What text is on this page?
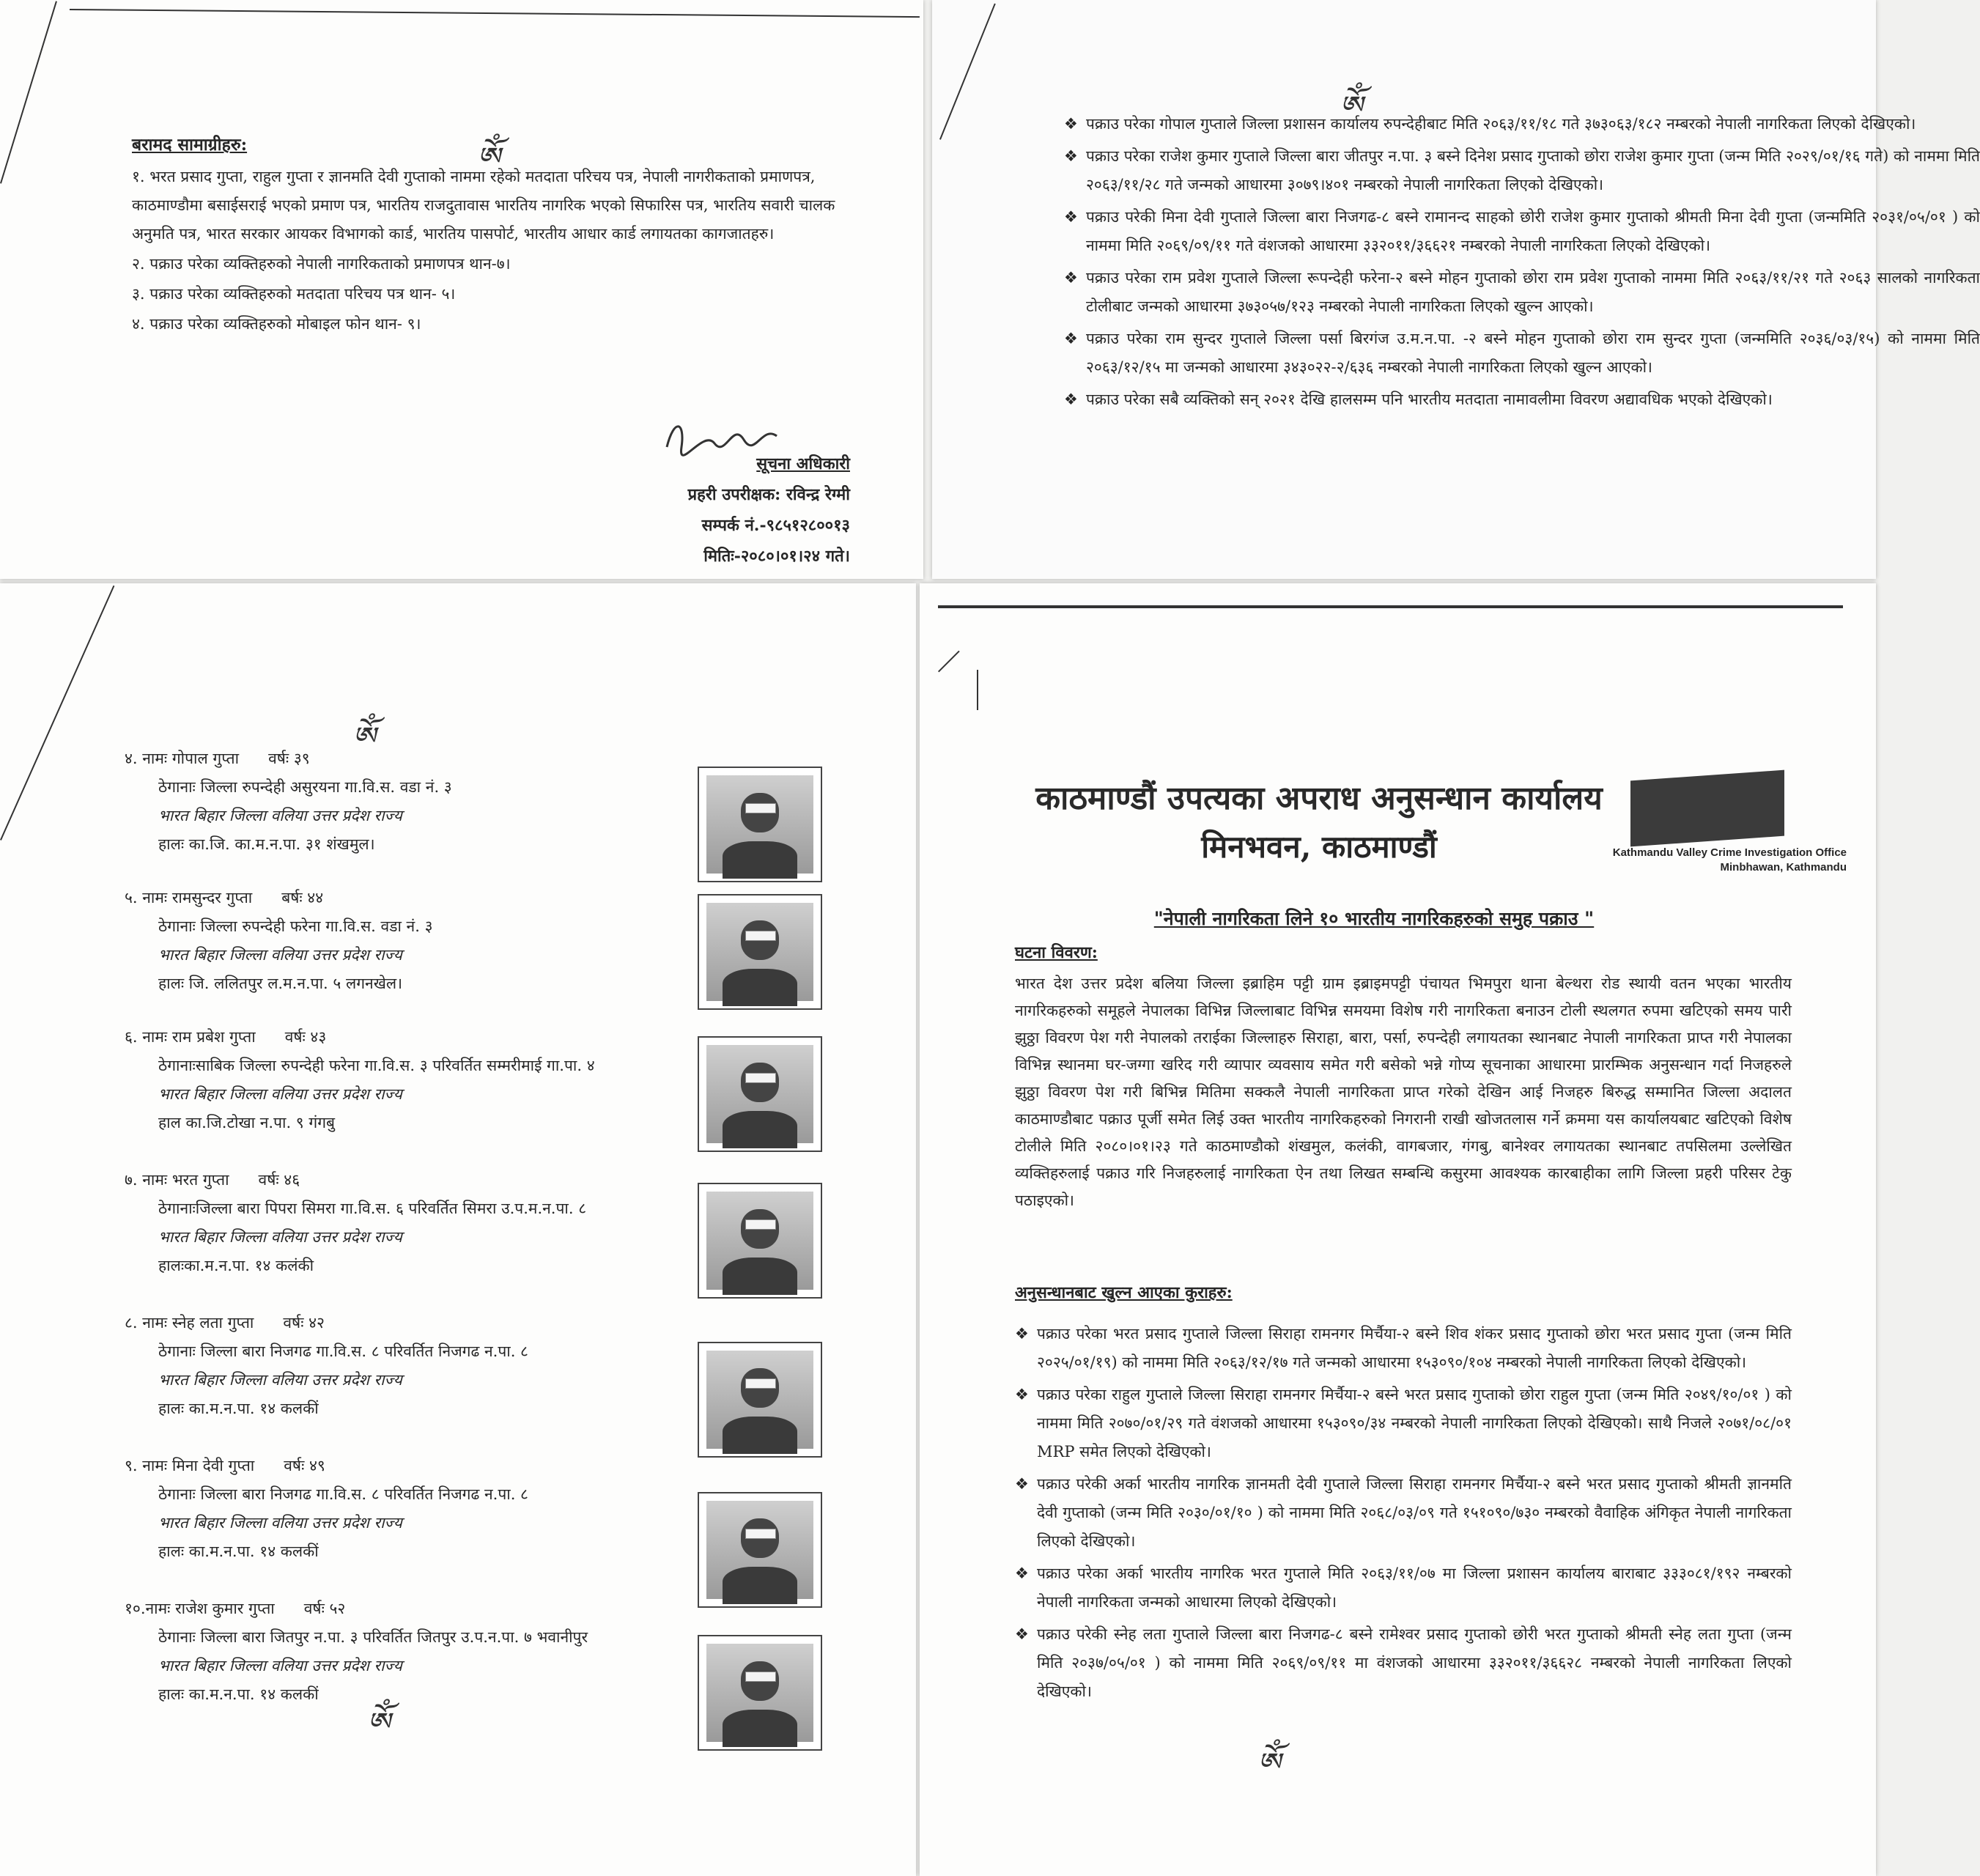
बरामद सामाग्रीहरु:	ༀ

१. भरत प्रसाद गुप्ता, राहुल गुप्ता र ज्ञानमति देवी गुप्ताको नाममा रहेको मतदाता परिचय पत्र, नेपाली नागरीकताको प्रमाणपत्र, काठमाण्डौमा बसाईसराई भएको प्रमाण पत्र, भारतिय राजदुतावास भारतिय नागरिक भएको सिफारिस पत्र, भारतिय सवारी चालक अनुमति पत्र, भारत सरकार आयकर विभागको कार्ड, भारतिय पासपोर्ट, भारतीय आधार कार्ड लगायतका कागजातहरु।

२. पक्राउ परेका व्यक्तिहरुको नेपाली नागरिकताको प्रमाणपत्र थान-७।

३. पक्राउ परेका व्यक्तिहरुको मतदाता परिचय पत्र थान- ५।

४. पक्राउ परेका व्यक्तिहरुको मोबाइल फोन थान- ९।

सूचना अधिकारी
प्रहरी उपरीक्षक: रविन्द्र रेग्मी
सम्पर्क नं.-९८५१२८००१३
मितिः-२०८०।०१।२४ गते।
ༀ
❖ पक्राउ परेका गोपाल गुप्ताले जिल्ला प्रशासन कार्यालय रुपन्देहीबाट मिति २०६३/११/१८ गते ३७३०६३/१८२ नम्बरको नेपाली नागरिकता लिएको देखिएको।
❖ पक्राउ परेका राजेश कुमार गुप्ताले जिल्ला बारा जीतपुर न.पा. ३ बस्ने दिनेश प्रसाद गुप्ताको छोरा राजेश कुमार गुप्ता (जन्म मिति २०२९/०१/१६ गते) को नाममा मिति २०६३/११/२८ गते जन्मको आधारमा ३०७९।४०१ नम्बरको नेपाली नागरिकता लिएको देखिएको।
❖ पक्राउ परेकी मिना देवी गुप्ताले जिल्ला बारा निजगढ-८ बस्ने रामानन्द साहको छोरी राजेश कुमार गुप्ताको श्रीमती मिना देवी गुप्ता (जन्ममिति २०३१/०५/०१ ) को नाममा मिति २०६९/०९/११ गते वंशजको आधारमा ३३२०११/३६६२१ नम्बरको नेपाली नागरिकता लिएको देखिएको।
❖ पक्राउ परेका राम प्रवेश गुप्ताले जिल्ला रूपन्देही फरेना-२ बस्ने मोहन गुप्ताको छोरा राम प्रवेश गुप्ताको नाममा मिति २०६३/११/२१ गते २०६३ सालको नागरिकता टोलीबाट जन्मको आधारमा ३७३०५७/१२३ नम्बरको नेपाली नागरिकता लिएको खुल्न आएको।
❖ पक्राउ परेका राम सुन्दर गुप्ताले जिल्ला पर्सा बिरगंज उ.म.न.पा. -२ बस्ने मोहन गुप्ताको छोरा राम सुन्दर गुप्ता (जन्ममिति २०३६/०३/१५) को नाममा मिति २०६३/१२/१५ मा जन्मको आधारमा ३४३०२२-२/६३६ नम्बरको नेपाली नागरिकता लिएको खुल्न आएको।
❖ पक्राउ परेका सबै व्यक्तिको सन् २०२१ देखि हालसम्म पनि भारतीय मतदाता नामावलीमा विवरण अद्यावधिक भएको देखिएको।
ༀ
४. नामः गोपाल गुप्ता वर्षः ३९
ठेगानाः जिल्ला रुपन्देही असुरयना गा.वि.स. वडा नं. ३
भारत बिहार जिल्ला वलिया उत्तर प्रदेश राज्य
हालः का.जि. का.म.न.पा. ३१ शंखमुल।
५. नामः रामसुन्दर गुप्ता बर्षः ४४
ठेगानाः जिल्ला रुपन्देही फरेना गा.वि.स. वडा नं. ३
भारत बिहार जिल्ला वलिया उत्तर प्रदेश राज्य
हालः जि. ललितपुर ल.म.न.पा. ५ लगनखेल।
६. नामः राम प्रबेश गुप्ता वर्षः ४३
ठेगानाःसाबिक जिल्ला रुपन्देही फरेना गा.वि.स. ३ परिवर्तित सम्मरीमाई गा.पा. ४
भारत बिहार जिल्ला वलिया उत्तर प्रदेश राज्य
हाल का.जि.टोखा न.पा. ९ गंगबु
७. नामः भरत गुप्ता वर्षः ४६
ठेगानाःजिल्ला बारा पिपरा सिमरा गा.वि.स. ६ परिवर्तित सिमरा उ.प.म.न.पा. ८
भारत बिहार जिल्ला वलिया उत्तर प्रदेश राज्य
हालःका.म.न.पा. १४ कलंकी
८. नामः स्नेह लता गुप्ता वर्षः ४२
ठेगानाः जिल्ला बारा निजगढ गा.वि.स. ८ परिवर्तित निजगढ न.पा. ८
भारत बिहार जिल्ला वलिया उत्तर प्रदेश राज्य
हालः का.म.न.पा. १४ कलकीं
९. नामः मिना देवी गुप्ता वर्षः ४९
ठेगानाः जिल्ला बारा निजगढ गा.वि.स. ८ परिवर्तित निजगढ न.पा. ८
भारत बिहार जिल्ला वलिया उत्तर प्रदेश राज्य
हालः का.म.न.पा. १४ कलकीं
१०.नामः राजेश कुमार गुप्ता वर्षः ५२
ठेगानाः जिल्ला बारा जितपुर न.पा. ३ परिवर्तित जितपुर उ.प.न.पा. ७ भवानीपुर
भारत बिहार जिल्ला वलिया उत्तर प्रदेश राज्य
हालः का.म.न.पा. १४ कलकीं
ༀ
काठमाण्डौं उपत्यका अपराध अनुसन्धान कार्यालय
मिनभवन, काठमाण्डौं	Kathmandu Valley Crime Investigation Office
Minbhawan, Kathmandu
"नेपाली नागरिकता लिने १० भारतीय नागरिकहरुको समुह पक्राउ "
घटना विवरण:

भारत देश उत्तर प्रदेश बलिया जिल्ला इब्राहिम पट्टी ग्राम इब्राइमपट्टी पंचायत भिमपुरा थाना बेल्थरा रोड स्थायी वतन भएका भारतीय नागरिकहरुको समूहले नेपालका विभिन्न जिल्लाबाट विभिन्न समयमा विशेष गरी नागरिकता बनाउन टोली स्थलगत रुपमा खटिएको समय पारी झुठ्ठा विवरण पेश गरी नेपालको तराईका जिल्लाहरु सिराहा, बारा, पर्सा, रुपन्देही लगायतका स्थानबाट नेपाली नागरिकता प्राप्त गरी नेपालका विभिन्न स्थानमा घर-जग्गा खरिद गरी व्यापार व्यवसाय समेत गरी बसेको भन्ने गोप्य सूचनाका आधारमा प्रारम्भिक अनुसन्धान गर्दा निजहरुले झुठ्ठा विवरण पेश गरी बिभिन्न मितिमा सक्कलै नेपाली नागरिकता प्राप्त गरेको देखिन आई निजहरु बिरुद्ध सम्मानित जिल्ला अदालत काठमाण्डौबाट पक्राउ पूर्जी समेत लिई उक्त भारतीय नागरिकहरुको निगरानी राखी खोजतलास गर्ने क्रममा यस कार्यालयबाट खटिएको विशेष टोलीले मिति २०८०।०१।२३ गते काठमाण्डौको शंखमुल, कलंकी, वागबजार, गंगबु, बानेश्वर लगायतका स्थानबाट तपसिलमा उल्लेखित व्यक्तिहरुलाई पक्राउ गरि निजहरुलाई नागरिकता ऐन तथा लिखत सम्बन्धि कसुरमा आवश्यक कारबाहीका लागि जिल्ला प्रहरी परिसर टेकु पठाइएको।

अनुसन्धानबाट खुल्न आएका कुराहरु:
❖ पक्राउ परेका भरत प्रसाद गुप्ताले जिल्ला सिराहा रामनगर मिर्चैया-२ बस्ने शिव शंकर प्रसाद गुप्ताको छोरा भरत प्रसाद गुप्ता (जन्म मिति २०२५/०१/१९) को नाममा मिति २०६३/१२/१७ गते जन्मको आधारमा १५३०९०/१०४ नम्बरको नेपाली नागरिकता लिएको देखिएको।
❖ पक्राउ परेका राहुल गुप्ताले जिल्ला सिराहा रामनगर मिर्चैया-२ बस्ने भरत प्रसाद गुप्ताको छोरा राहुल गुप्ता (जन्म मिति २०४९/१०/०१ ) को नाममा मिति २०७०/०१/२९ गते वंशजको आधारमा १५३०९०/३४ नम्बरको नेपाली नागरिकता लिएको देखिएको। साथै निजले २०७१/०८/०१ MRP समेत लिएको देखिएको।
❖ पक्राउ परेकी अर्का भारतीय नागरिक ज्ञानमती देवी गुप्ताले जिल्ला सिराहा रामनगर मिर्चैया-२ बस्ने भरत प्रसाद गुप्ताको श्रीमती ज्ञानमति देवी गुप्ताको (जन्म मिति २०३०/०१/१० ) को नाममा मिति २०६८/०३/०९ गते १५१०९०/७३० नम्बरको वैवाहिक अंगिकृत नेपाली नागरिकता लिएको देखिएको।
❖ पक्राउ परेका अर्का भारतीय नागरिक भरत गुप्ताले मिति २०६३/११/०७ मा जिल्ला प्रशासन कार्यालय बाराबाट ३३३०८१/१९२ नम्बरको नेपाली नागरिकता जन्मको आधारमा लिएको देखिएको।
❖ पक्राउ परेकी स्नेह लता गुप्ताले जिल्ला बारा निजगढ-८ बस्ने रामेश्वर प्रसाद गुप्ताको छोरी भरत गुप्ताको श्रीमती स्नेह लता गुप्ता (जन्म मिति २०३७/०५/०१ ) को नाममा मिति २०६९/०९/११ मा वंशजको आधारमा ३३२०११/३६६२८ नम्बरको नेपाली नागरिकता लिएको देखिएको।
ༀ
